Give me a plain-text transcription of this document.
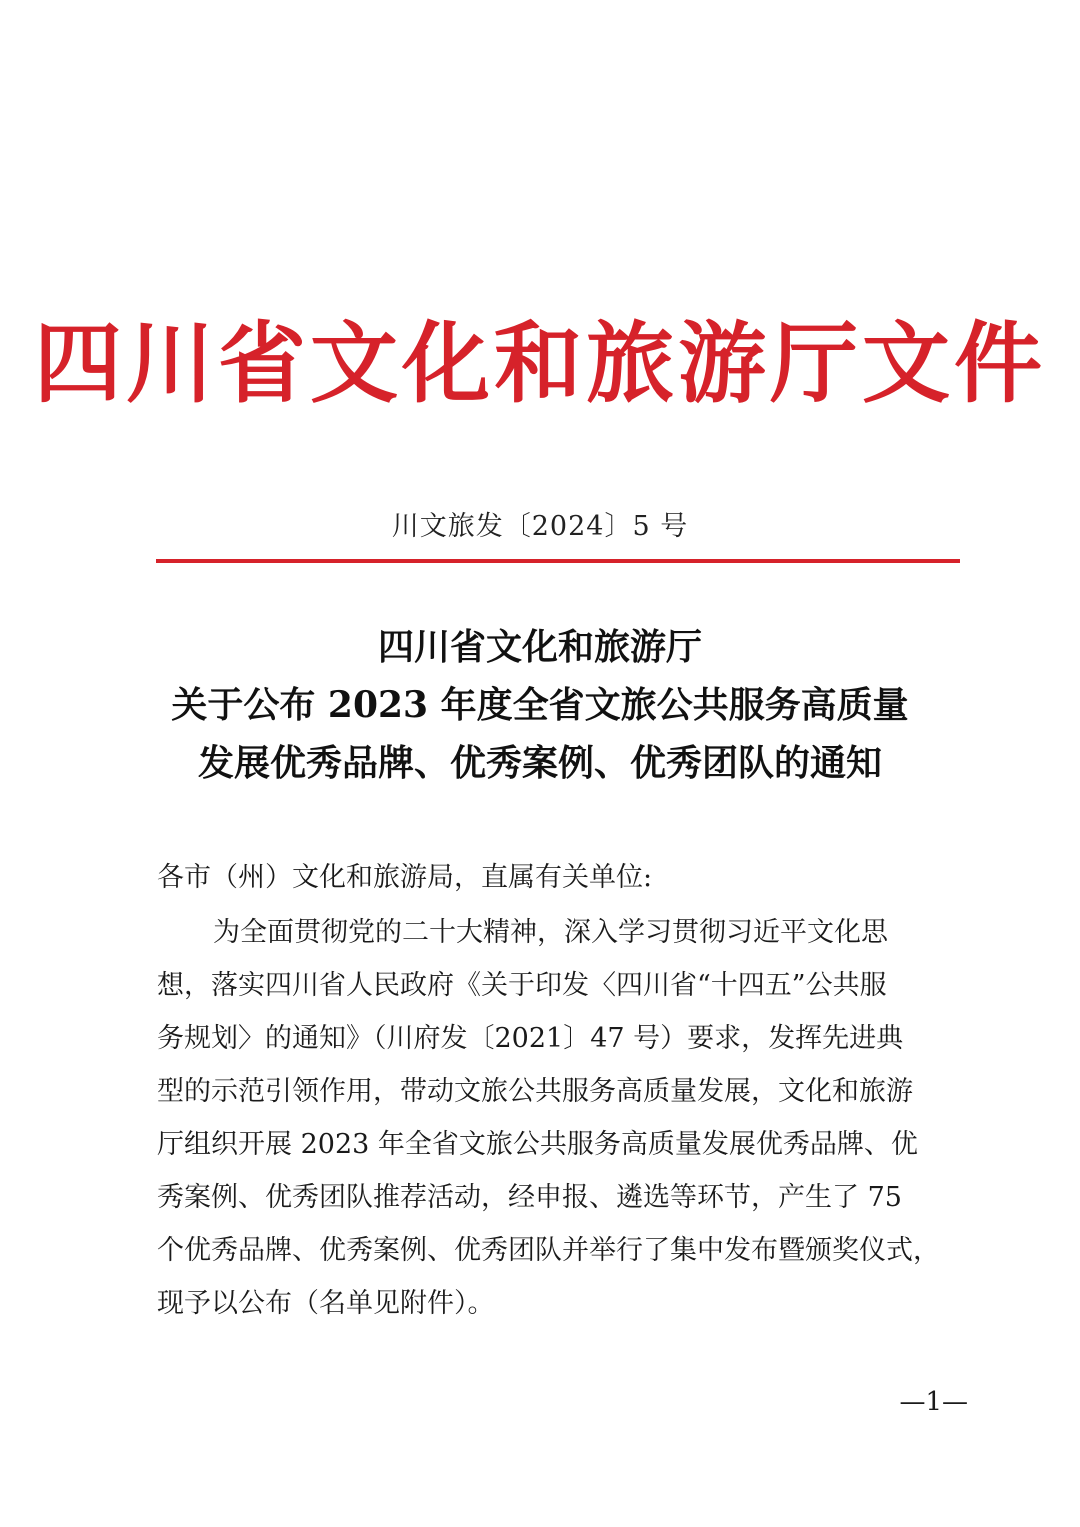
四川省文化和旅游厅文件
川文旅发〔2024〕5 号
四川省文化和旅游厅
关于公布 2023 年度全省文旅公共服务高质量
发展优秀品牌、优秀案例、优秀团队的通知
各市（州）文化和旅游局，直属有关单位:
为全面贯彻党的二十大精神，深入学习贯彻习近平文化思
想，落实四川省人民政府《关于印发〈四川省“十四五”公共服
务规划〉的通知》（川府发〔2021〕47 号）要求，发挥先进典
型的示范引领作用，带动文旅公共服务高质量发展，文化和旅游
厅组织开展 2023 年全省文旅公共服务高质量发展优秀品牌、优
秀案例、优秀团队推荐活动，经申报、遴选等环节，产生了 75
个优秀品牌、优秀案例、优秀团队并举行了集中发布暨颁奖仪式，
现予以公布（名单见附件）。
—1—
